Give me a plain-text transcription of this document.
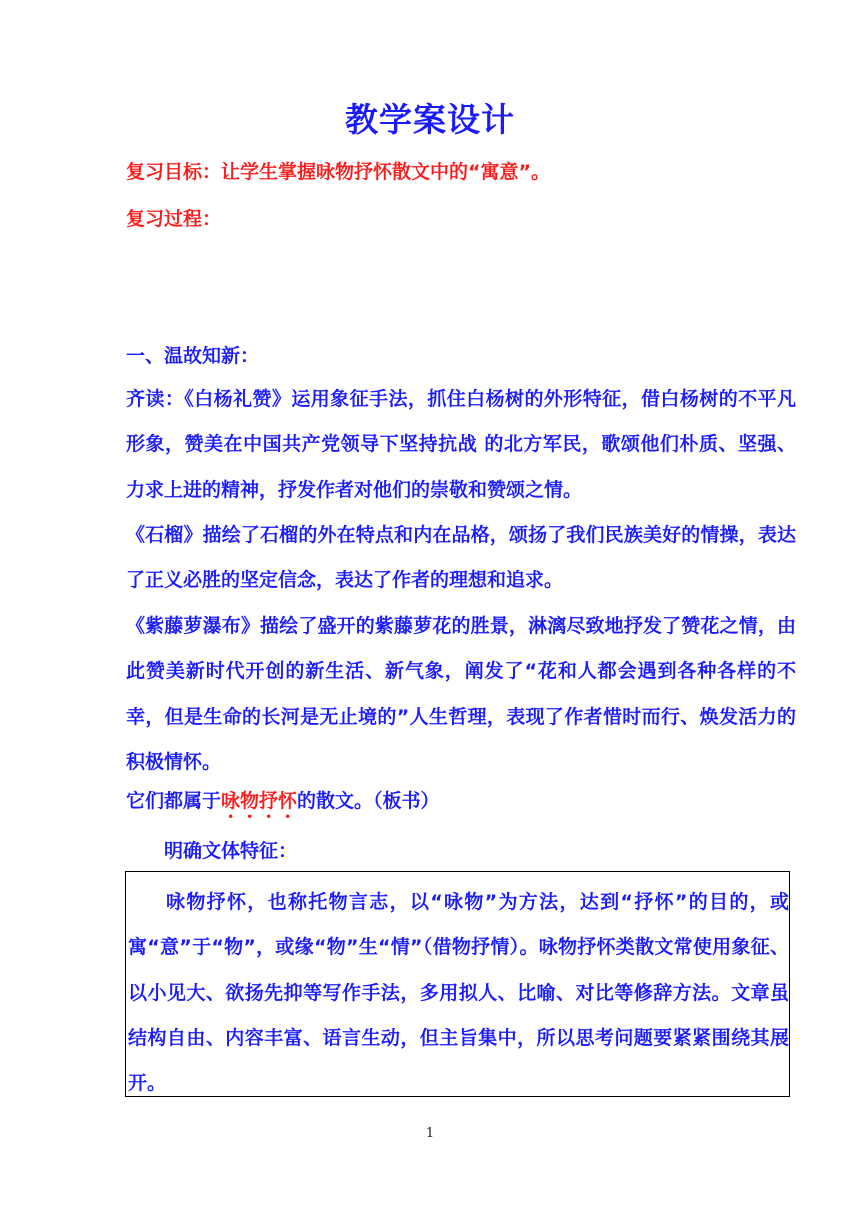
教学案设计
复习目标：让学生掌握咏物抒怀散文中的“寓意”。
复习过程：
一、温故知新：
齐读：《白杨礼赞》运用象征手法，抓住白杨树的外形特征，借白杨树的不平凡形象，赞美在中国共产党领导下坚持抗战 的北方军民，歌颂他们朴质、坚强、力求上进的精神，抒发作者对他们的崇敬和赞颂之情。
《石榴》描绘了石榴的外在特点和内在品格，颂扬了我们民族美好的情操，表达了正义必胜的坚定信念，表达了作者的理想和追求。
《紫藤萝瀑布》描绘了盛开的紫藤萝花的胜景，淋漓尽致地抒发了赞花之情，由此赞美新时代开创的新生活、新气象，阐发了“花和人都会遇到各种各样的不幸，但是生命的长河是无止境的”人生哲理，表现了作者惜时而行、焕发活力的积极情怀。
它们都属于咏物抒怀的散文。（板书）
明确文体特征：

咏物抒怀，也称托物言志，以“咏物”为方法，达到“抒怀”的目的，或寓“意”于“物”，或缘“物”生“情”（借物抒情）。咏物抒怀类散文常使用象征、以小见大、欲扬先抑等写作手法，多用拟人、比喻、对比等修辞方法。文章虽结构自由、内容丰富、语言生动，但主旨集中，所以思考问题要紧紧围绕其展开。

1
